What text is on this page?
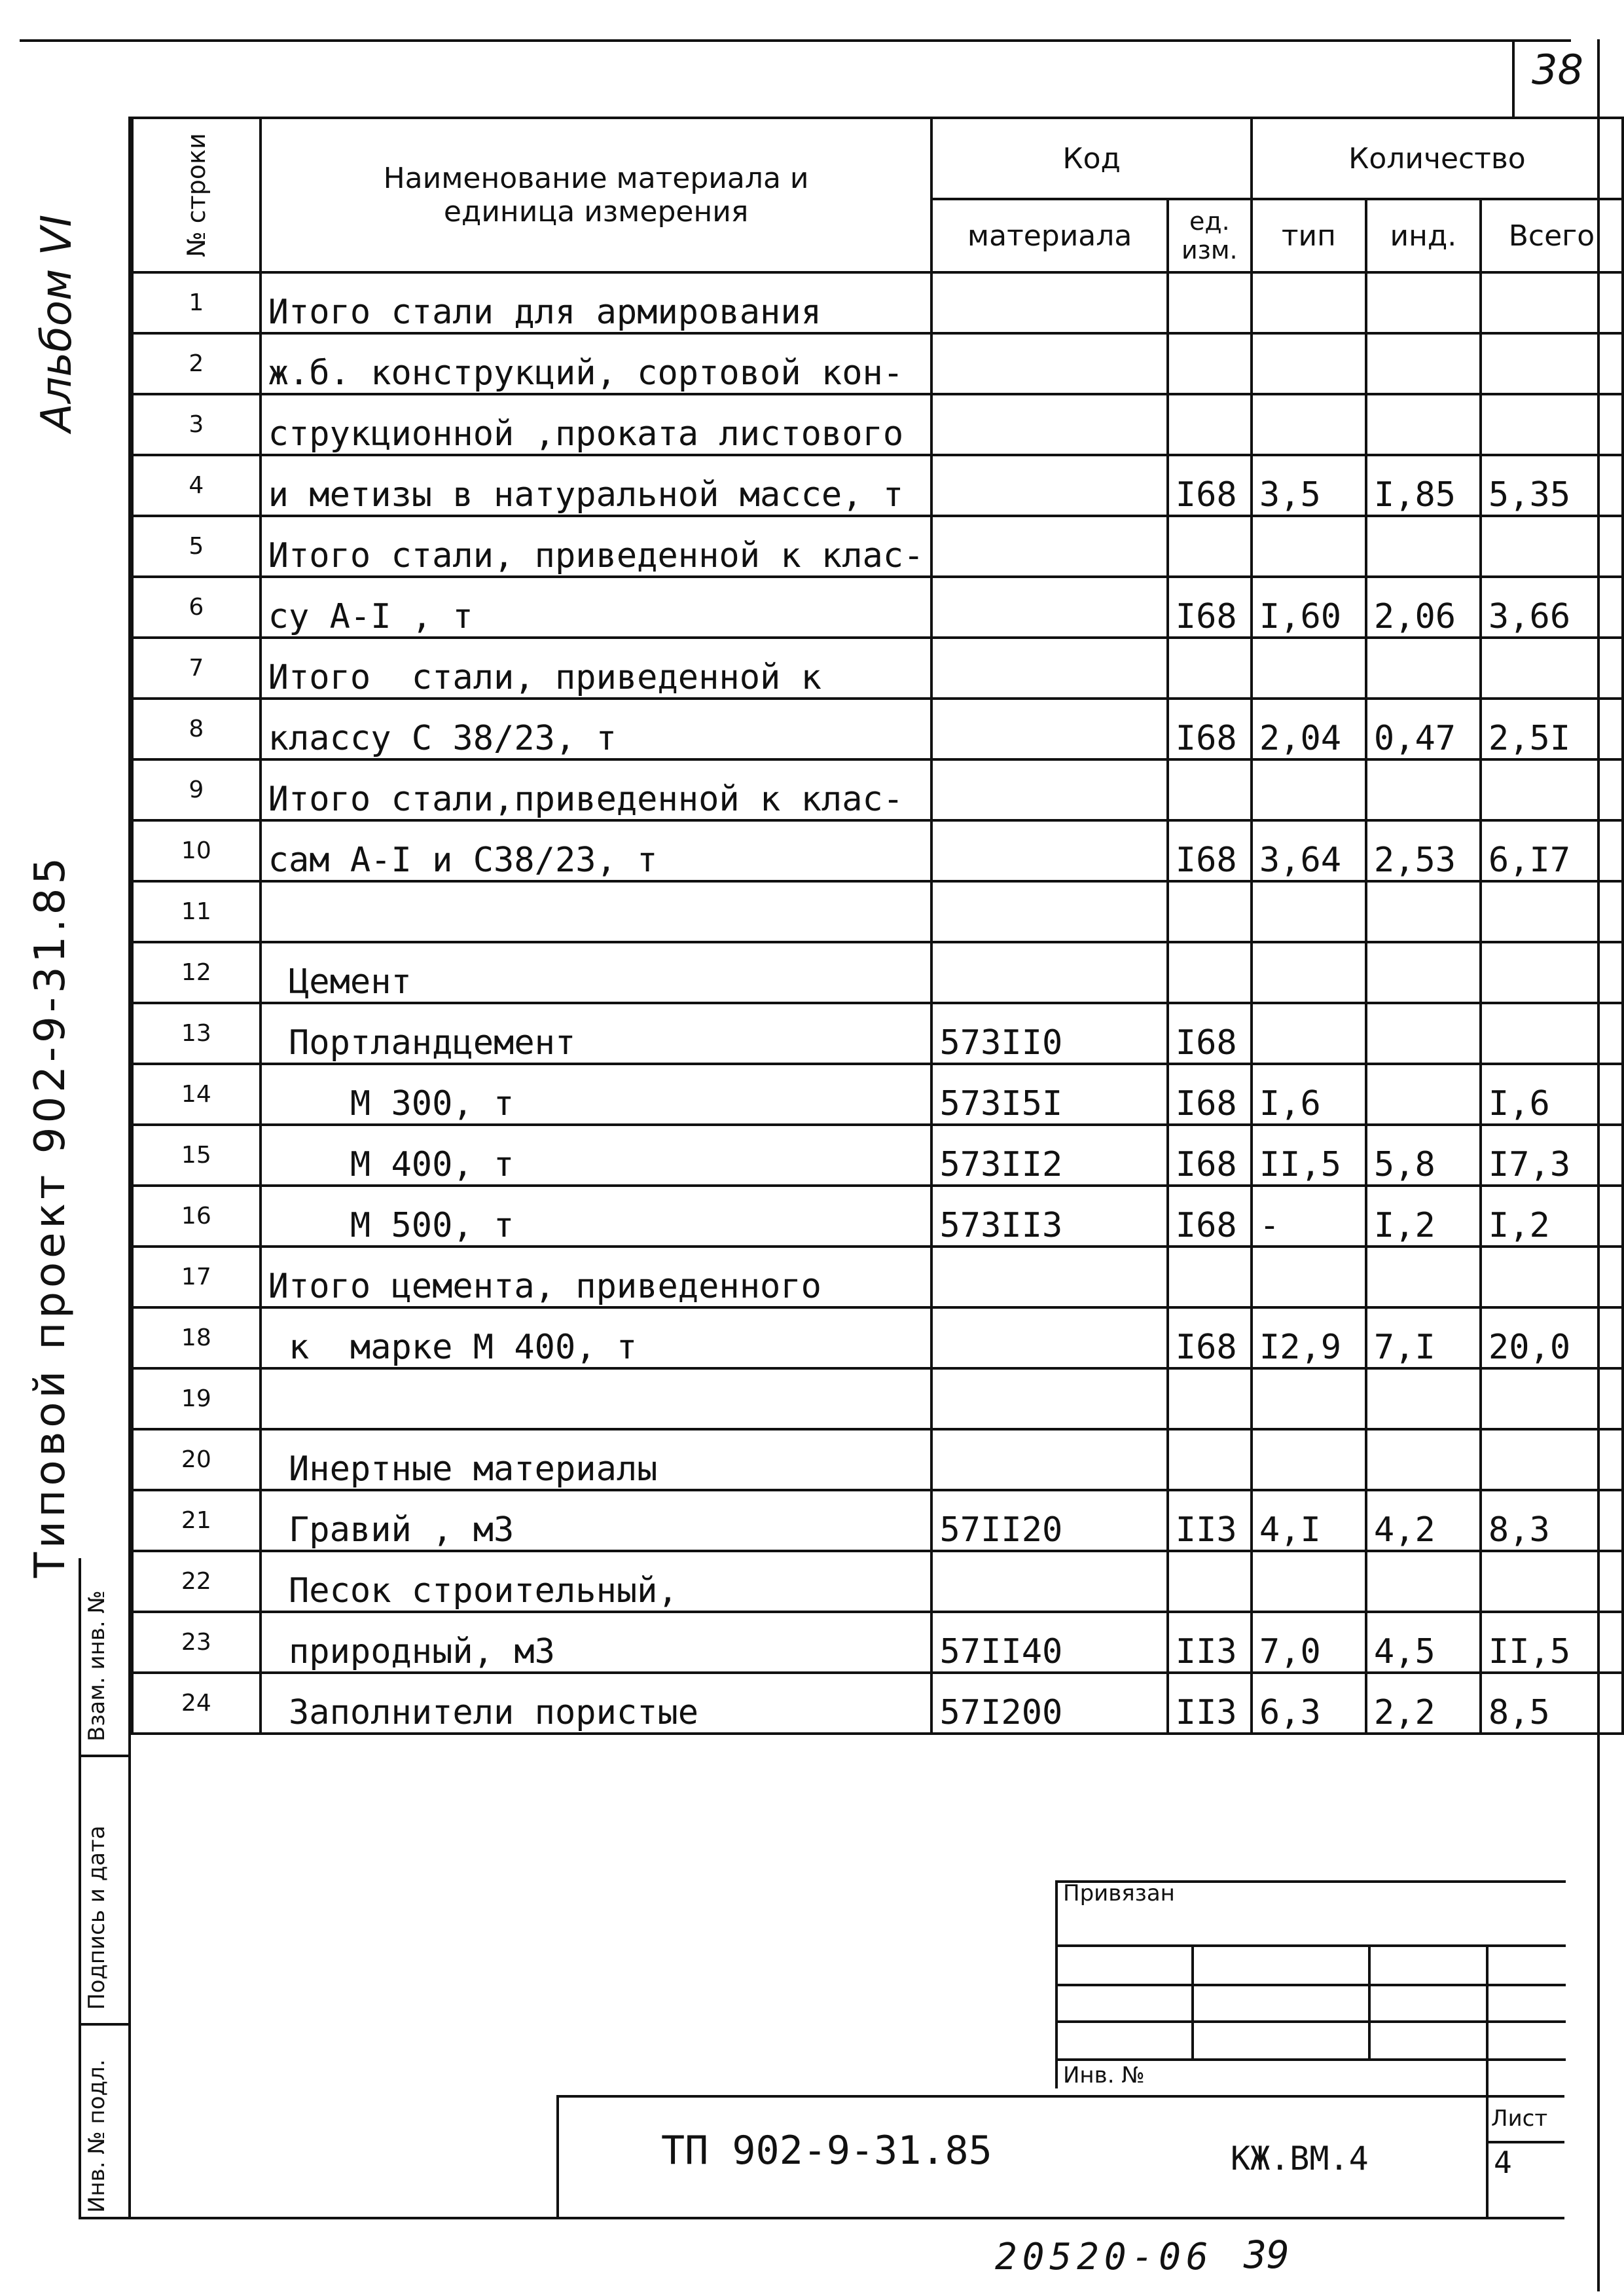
38
Альбом VI
Типовой проект 902-9-31.85
Взам. инв. №
Подпись и дата
Инв. № подл.
№ строки	Наименование материала и единица измерения	Код		Количество		
		материала	ед. изм.	тип	инд.	Всего
1	Итого стали для армирования					
2	ж.б. конструкций, сортовой кон-					
3	струкционной ,проката листового					
4	и метизы в натуральной массе, т		I68	3,5	I,85	5,35
5	Итого стали, приведенной к клас-					
6	су А-I , т		I68	I,60	2,06	3,66
7	Итого  стали, приведенной к					
8	классу С 38/23, т		I68	2,04	0,47	2,5I
9	Итого стали,приведенной к клас-					
10	сам А-I и С38/23, т		I68	3,64	2,53	6,I7
11						
12	Цемент					
13	Портландцемент	573II0	I68			
14	М 300, т	573I5I	I68	I,6		I,6
15	М 400, т	573II2	I68	II,5	5,8	I7,3
16	М 500, т	573II3	I68	-	I,2	I,2
17	Итого цемента, приведенного					
18	к  марке М 400, т		I68	I2,9	7,I	20,0
19						
20	Инертные материалы					
21	Гравий , м3	57II20	II3	4,I	4,2	8,3
22	Песок строительный,					
23	природный, м3	57II40	II3	7,0	4,5	II,5
24	Заполнители пористые	57I200	II3	6,3	2,2	8,5
Привязан
Инв. №
ТП 902-9-31.85	КЖ.ВМ.4
Лист
4
20520-06 39
